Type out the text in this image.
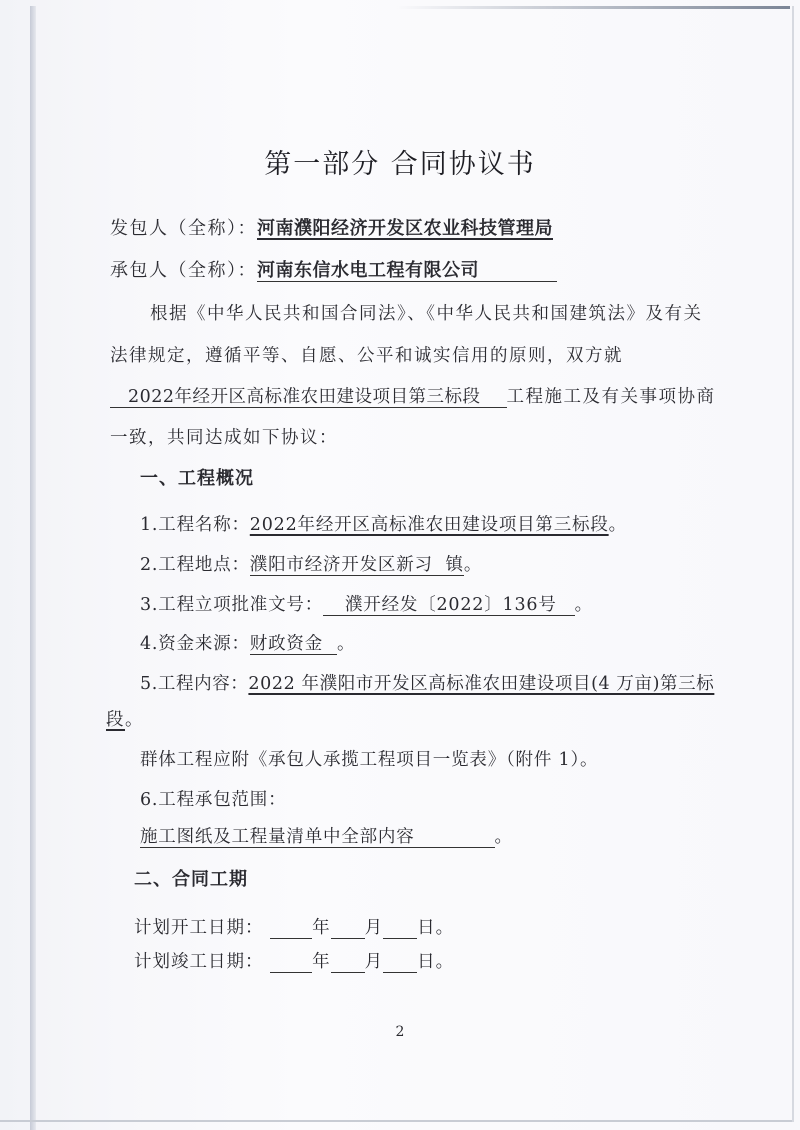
第一部分 合同协议书
发包人（全称）：河南濮阳经济开发区农业科技管理局
承包人（全称）：河南东信水电工程有限公司
根据《中华人民共和国合同法》、《中华人民共和国建筑法》及有关
法律规定，遵循平等、自愿、公平和诚实信用的原则，双方就
2022年经开区高标准农田建设项目第三标段 工程施工及有关事项协商
一致，共同达成如下协议：
一、工程概况
1.工程名称：2022年经开区高标准农田建设项目第三标段。
2.工程地点：濮阳市经济开发区新习  镇。
3.工程立项批准文号： 濮开经发〔2022〕136号 。
4.资金来源：财政资金 。
5.工程内容：2022 年濮阳市开发区高标准农田建设项目(4 万亩)第三标
段。
群体工程应附《承包人承揽工程项目一览表》（附件 1）。
6.工程承包范围：
施工图纸及工程量清单中全部内容	。
二、合同工期
计划开工日期：	年 月 日。
计划竣工日期：	年 月 日。
2
